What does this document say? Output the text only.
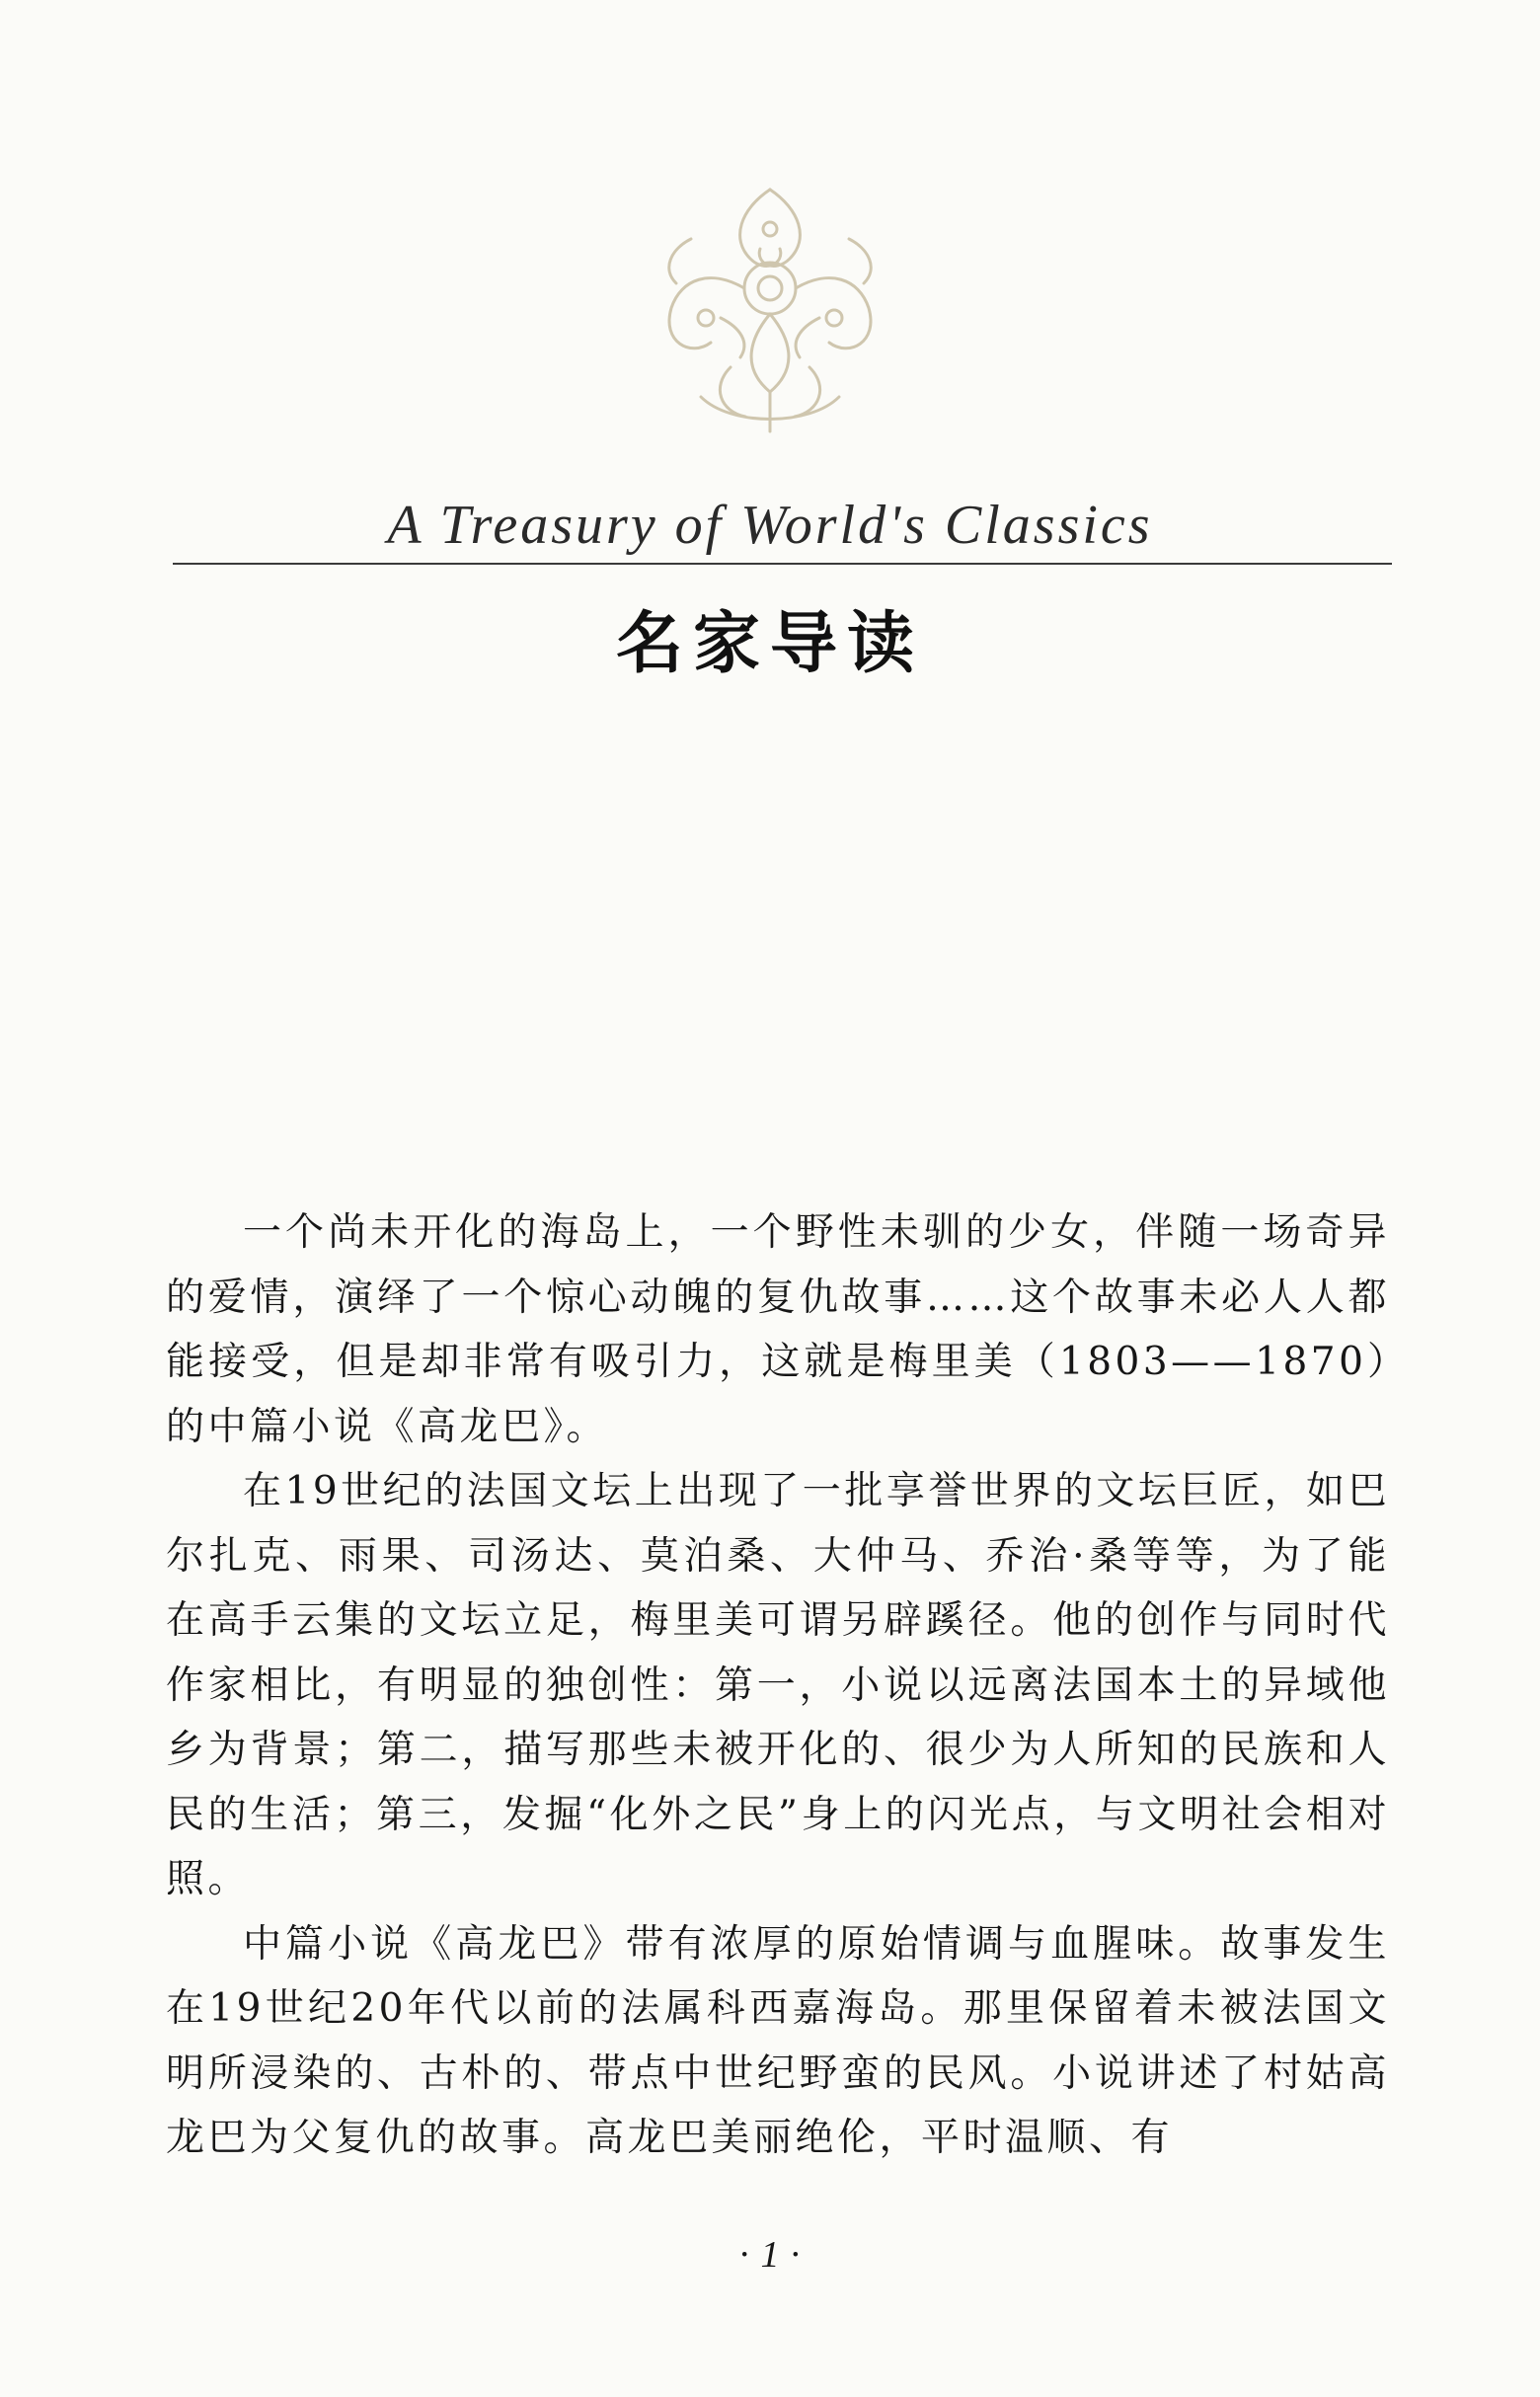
A Treasury of World's Classics
名家导读

一个尚未开化的海岛上，一个野性未驯的少女，伴随一场奇异的爱情，演绎了一个惊心动魄的复仇故事……这个故事未必人人都能接受，但是却非常有吸引力，这就是梅里美（1803——1870）的中篇小说《高龙巴》。

在19世纪的法国文坛上出现了一批享誉世界的文坛巨匠，如巴尔扎克、雨果、司汤达、莫泊桑、大仲马、乔治·桑等等，为了能在高手云集的文坛立足，梅里美可谓另辟蹊径。他的创作与同时代作家相比，有明显的独创性：第一，小说以远离法国本土的异域他乡为背景；第二，描写那些未被开化的、很少为人所知的民族和人民的生活；第三，发掘“化外之民”身上的闪光点，与文明社会相对照。

中篇小说《高龙巴》带有浓厚的原始情调与血腥味。故事发生在19世纪20年代以前的法属科西嘉海岛。那里保留着未被法国文明所浸染的、古朴的、带点中世纪野蛮的民风。小说讲述了村姑高龙巴为父复仇的故事。高龙巴美丽绝伦，平时温顺、有

· 1 ·
